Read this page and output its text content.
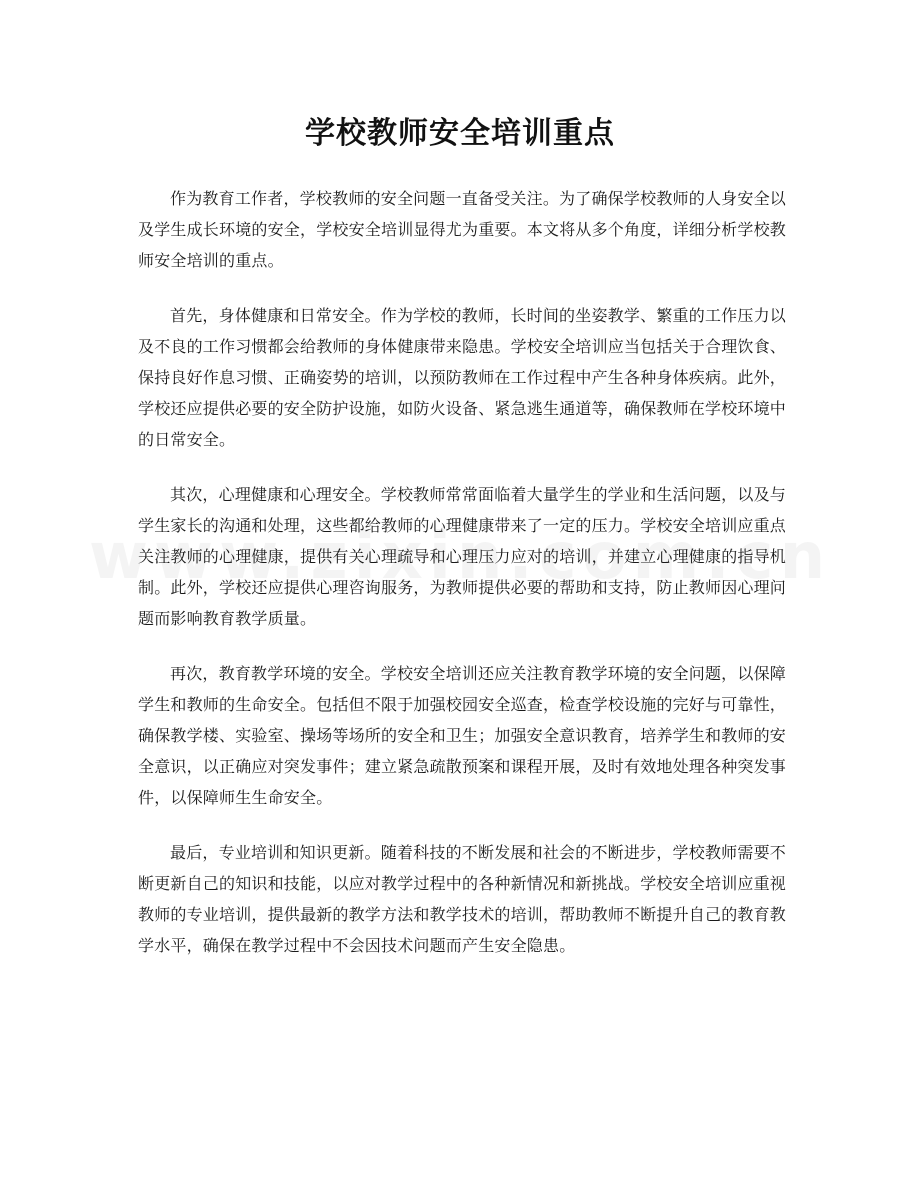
学校教师安全培训重点

作为教育工作者，学校教师的安全问题一直备受关注。为了确保学校教师的人身安全以及学生成长环境的安全，学校安全培训显得尤为重要。本文将从多个角度，详细分析学校教师安全培训的重点。

首先，身体健康和日常安全。作为学校的教师，长时间的坐姿教学、繁重的工作压力以及不良的工作习惯都会给教师的身体健康带来隐患。学校安全培训应当包括关于合理饮食、保持良好作息习惯、正确姿势的培训，以预防教师在工作过程中产生各种身体疾病。此外，学校还应提供必要的安全防护设施，如防火设备、紧急逃生通道等，确保教师在学校环境中的日常安全。

其次，心理健康和心理安全。学校教师常常面临着大量学生的学业和生活问题，以及与学生家长的沟通和处理，这些都给教师的心理健康带来了一定的压力。学校安全培训应重点关注教师的心理健康，提供有关心理疏导和心理压力应对的培训，并建立心理健康的指导机制。此外，学校还应提供心理咨询服务，为教师提供必要的帮助和支持，防止教师因心理问题而影响教育教学质量。

再次，教育教学环境的安全。学校安全培训还应关注教育教学环境的安全问题，以保障学生和教师的生命安全。包括但不限于加强校园安全巡查，检查学校设施的完好与可靠性，确保教学楼、实验室、操场等场所的安全和卫生；加强安全意识教育，培养学生和教师的安全意识，以正确应对突发事件；建立紧急疏散预案和课程开展，及时有效地处理各种突发事件，以保障师生生命安全。

最后，专业培训和知识更新。随着科技的不断发展和社会的不断进步，学校教师需要不断更新自己的知识和技能，以应对教学过程中的各种新情况和新挑战。学校安全培训应重视教师的专业培训，提供最新的教学方法和教学技术的培训，帮助教师不断提升自己的教育教学水平，确保在教学过程中不会因技术问题而产生安全隐患。
